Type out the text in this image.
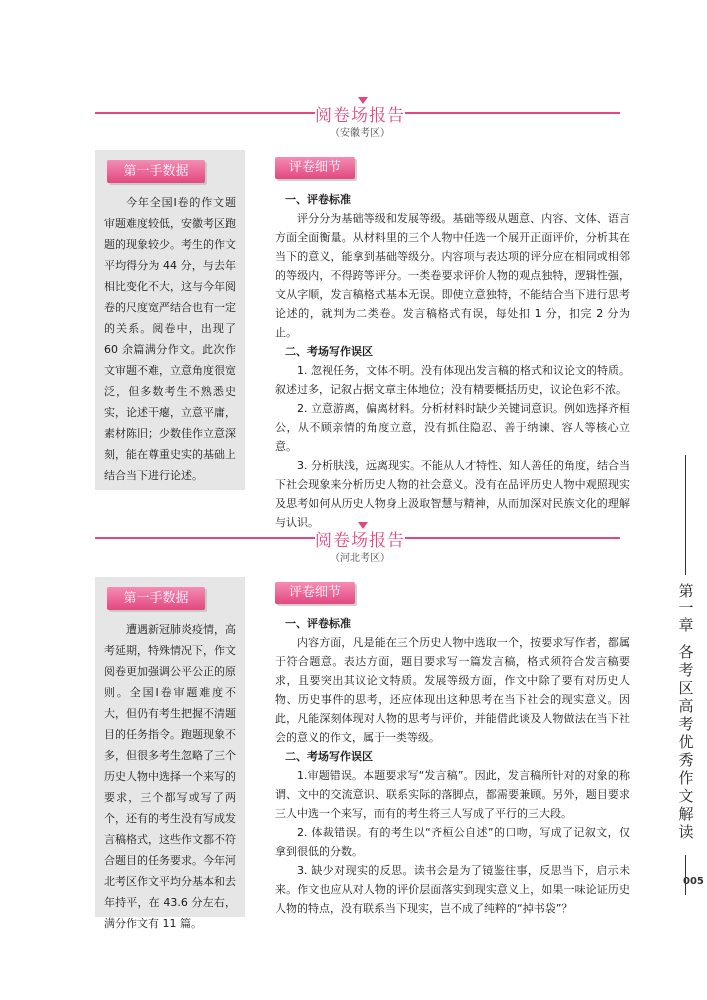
阅卷场报告
（安徽考区）
第一手数据
今年全国Ⅰ卷的作文题审题难度较低，安徽考区跑题的现象较少。考生的作文平均得分为 44 分，与去年相比变化不大，这与今年阅卷的尺度宽严结合也有一定的关系。阅卷中，出现了 60 余篇满分作文。此次作文审题不难，立意角度很宽泛，但多数考生不熟悉史实，论述干瘪，立意平庸，素材陈旧；少数佳作立意深刻，能在尊重史实的基础上结合当下进行论述。
评卷细节
一、评卷标准

评分分为基础等级和发展等级。基础等级从题意、内容、文体、语言方面全面衡量。从材料里的三个人物中任选一个展开正面评价，分析其在当下的意义，能拿到基础等级分。内容项与表达项的评分应在相同或相邻的等级内，不得跨等评分。一类卷要求评价人物的观点独特，逻辑性强，文从字顺，发言稿格式基本无误。即使立意独特，不能结合当下进行思考论述的，就判为二类卷。发言稿格式有误，每处扣 1 分，扣完 2 分为止。

二、考场写作误区

1. 忽视任务，文体不明。没有体现出发言稿的格式和议论文的特质。叙述过多，记叙占据文章主体地位；没有精要概括历史，议论色彩不浓。

2. 立意游离，偏离材料。分析材料时缺少关键词意识。例如选择齐桓公，从不顾亲情的角度立意，没有抓住隐忍、善于纳谏、容人等核心立意。

3. 分析肤浅，远离现实。不能从人才特性、知人善任的角度，结合当下社会现象来分析历史人物的社会意义。没有在品评历史人物中观照现实及思考如何从历史人物身上汲取智慧与精神，从而加深对民族文化的理解与认识。

阅卷场报告
（河北考区）
第一手数据
遭遇新冠肺炎疫情，高考延期，特殊情况下，作文阅卷更加强调公平公正的原则。全国Ⅰ卷审题难度不大，但仍有考生把握不清题目的任务指令。跑题现象不多，但很多考生忽略了三个历史人物中选择一个来写的要求，三个都写或写了两个，还有的考生没有写成发言稿格式，这些作文都不符合题目的任务要求。今年河北考区作文平均分基本和去年持平，在 43.6 分左右，满分作文有 11 篇。
评卷细节
一、评卷标准

内容方面，凡是能在三个历史人物中选取一个，按要求写作者，都属于符合题意。表达方面，题目要求写一篇发言稿，格式须符合发言稿要求，且要突出其议论文特质。发展等级方面，作文中除了要有对历史人物、历史事件的思考，还应体现出这种思考在当下社会的现实意义。因此，凡能深刻体现对人物的思考与评价，并能借此谈及人物做法在当下社会的意义的作文，属于一类等级。

二、考场写作误区

1.审题错误。本题要求写“发言稿”。因此，发言稿所针对的对象的称谓、文中的交流意识、联系实际的落脚点，都需要兼顾。另外，题目要求三人中选一个来写，而有的考生将三人写成了平行的三大段。

2. 体裁错误。有的考生以“齐桓公自述”的口吻，写成了记叙文，仅拿到很低的分数。

3. 缺少对现实的反思。读书会是为了镜鉴往事，反思当下，启示未来。作文也应从对人物的评价层面落实到现实意义上，如果一味论证历史人物的特点，没有联系当下现实，岂不成了纯粹的“掉书袋”？

第一章
各考区高考优秀作文解读
005
